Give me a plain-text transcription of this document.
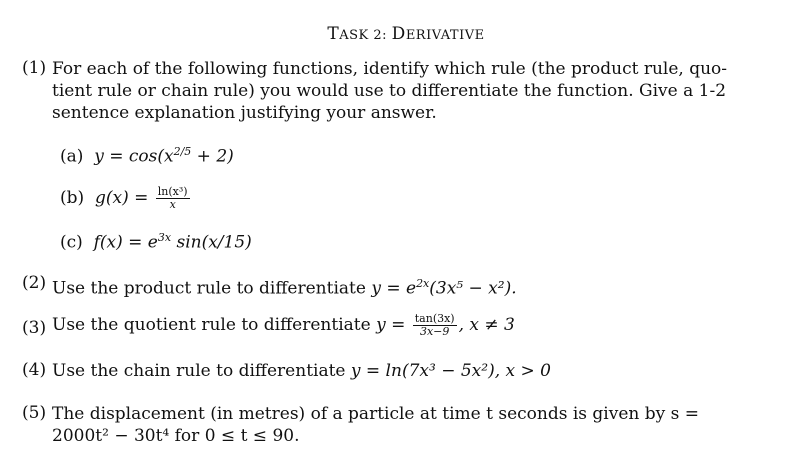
TASK 2: DERIVATIVE
(1) For each of the following functions, identify which rule (the product rule, quo-
tient rule or chain rule) you would use to differentiate the function. Give a 1-2
sentence explanation justifying your answer.
(a) $y = \cos(x^{2/5} + 2)$
(b) $g(x) = \frac{\text{ln(x³)}}{x}$
(c) $f(x) = e^{3x}$ sin(x/15)
(2) Use the product rule to differentiate $y = e^{2x}(3x^5 - x^2)$.
(3) Use the quotient rule to differentiate $y = \frac{\tan(3x)}{3x-9}$ , x ≠ 3
(4) Use the chain rule to differentiate y = ln(7x³ − 5x²), x > 0
(5) The displacement (in metres) of a particle at time t seconds is given by s =
2000t² − 30t⁴ for 0 ≤ t ≤ 90.
